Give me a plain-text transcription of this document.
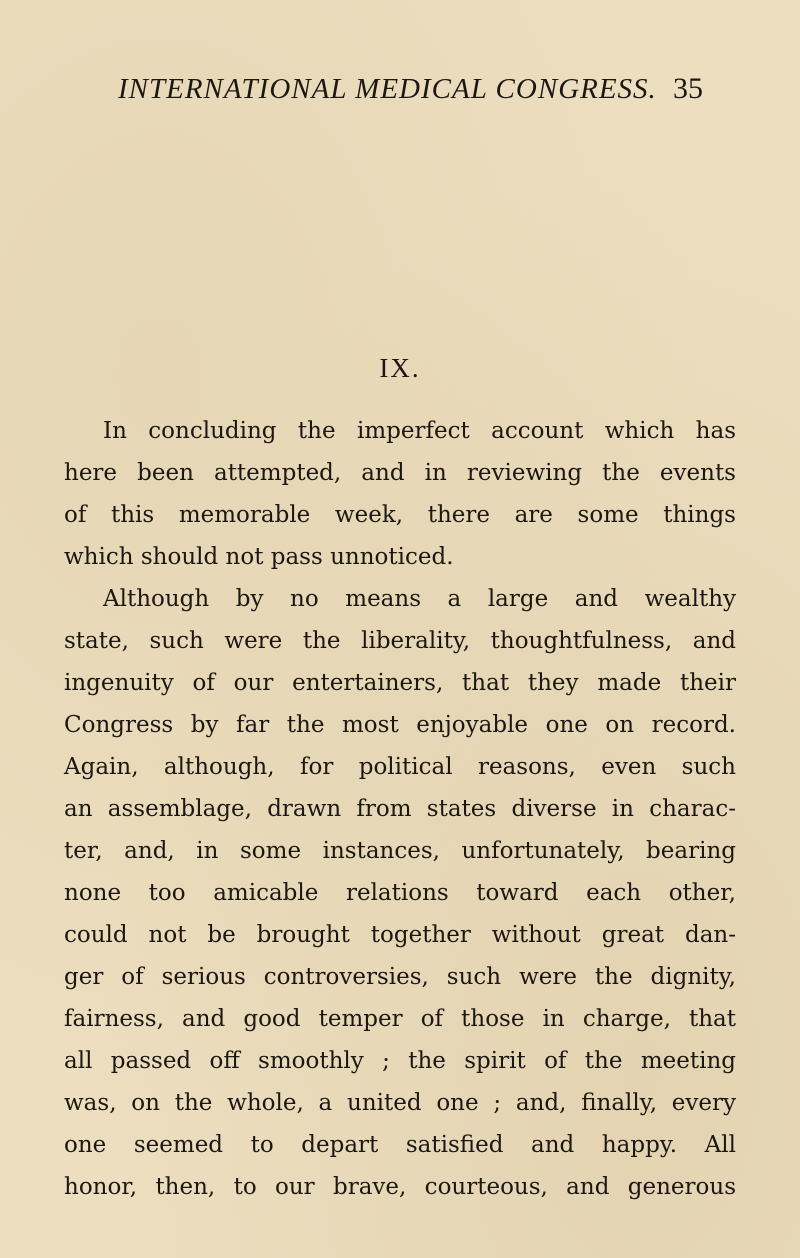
INTERNATIONAL MEDICAL CONGRESS. 35
IX.
In concluding the imperfect account which has
here been attempted, and in reviewing the events
of this memorable week, there are some things
which should not pass unnoticed.
Although by no means a large and wealthy
state, such were the liberality, thoughtfulness, and
ingenuity of our entertainers, that they made their
Congress by far the most enjoyable one on record.
Again, although, for political reasons, even such
an assemblage, drawn from states diverse in charac-
ter, and, in some instances, unfortunately, bearing
none too amicable relations toward each other,
could not be brought together without great dan-
ger of serious controversies, such were the dignity,
fairness, and good temper of those in charge, that
all passed off smoothly ; the spirit of the meeting
was, on the whole, a united one ; and, finally, every
one seemed to depart satisfied and happy. All
honor, then, to our brave, courteous, and generous
